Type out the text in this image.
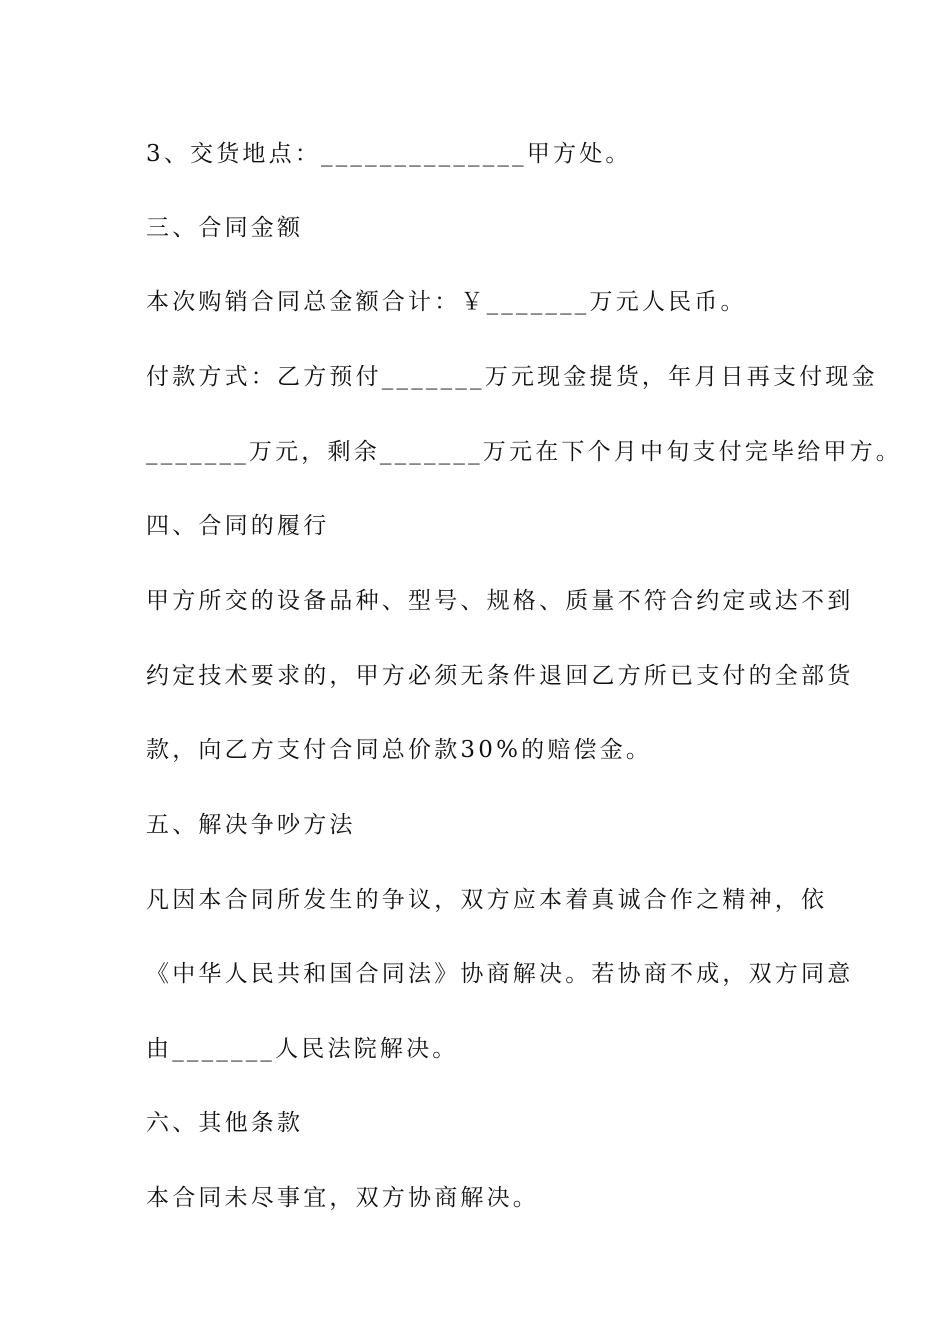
3、交货地点：______________甲方处。
三、合同金额
本次购销合同总金额合计：￥_______万元人民币。
付款方式：乙方预付_______万元现金提货，年月日再支付现金
_______万元，剩余_______万元在下个月中旬支付完毕给甲方。
四、合同的履行
甲方所交的设备品种、型号、规格、质量不符合约定或达不到
约定技术要求的，甲方必须无条件退回乙方所已支付的全部货
款，向乙方支付合同总价款30%的赔偿金。
五、解决争吵方法
凡因本合同所发生的争议，双方应本着真诚合作之精神，依
《中华人民共和国合同法》协商解决。若协商不成，双方同意
由_______人民法院解决。
六、其他条款
本合同未尽事宜，双方协商解决。
